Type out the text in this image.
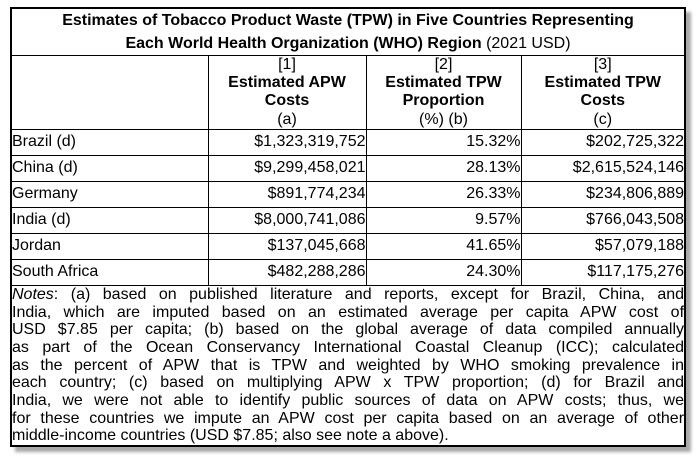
Estimates of Tobacco Product Waste (TPW) in Five Countries Representing
Each World Health Organization (WHO) Region (2021 USD)			

[1]
Estimated APW Costs
(a)

[2]
Estimated TPW Proportion
(%) (b)

[3]
Estimated TPW Costs
(c)

Brazil (d)	$1,323,319,752	15.32%	$202,725,322
China (d)	$9,299,458,021	28.13%	$2,615,524,146
Germany	$891,774,234	26.33%	$234,806,889
India (d)	$8,000,741,086	9.57%	$766,043,508
Jordan	$137,045,668	41.65%	$57,079,188
South Africa	$482,288,286	24.30%	$117,175,276

Notes: (a) based on published literature and reports, except for Brazil, China, and
India, which are imputed based on an estimated average per capita APW cost of
USD $7.85 per capita; (b) based on the global average of data compiled annually
as part of the Ocean Conservancy International Coastal Cleanup (ICC); calculated
as the percent of APW that is TPW and weighted by WHO smoking prevalence in
each country; (c) based on multiplying APW x TPW proportion; (d) for Brazil and
India, we were not able to identify public sources of data on APW costs; thus, we
for these countries we impute an APW cost per capita based on an average of other
middle-income countries (USD $7.85; also see note a above).
